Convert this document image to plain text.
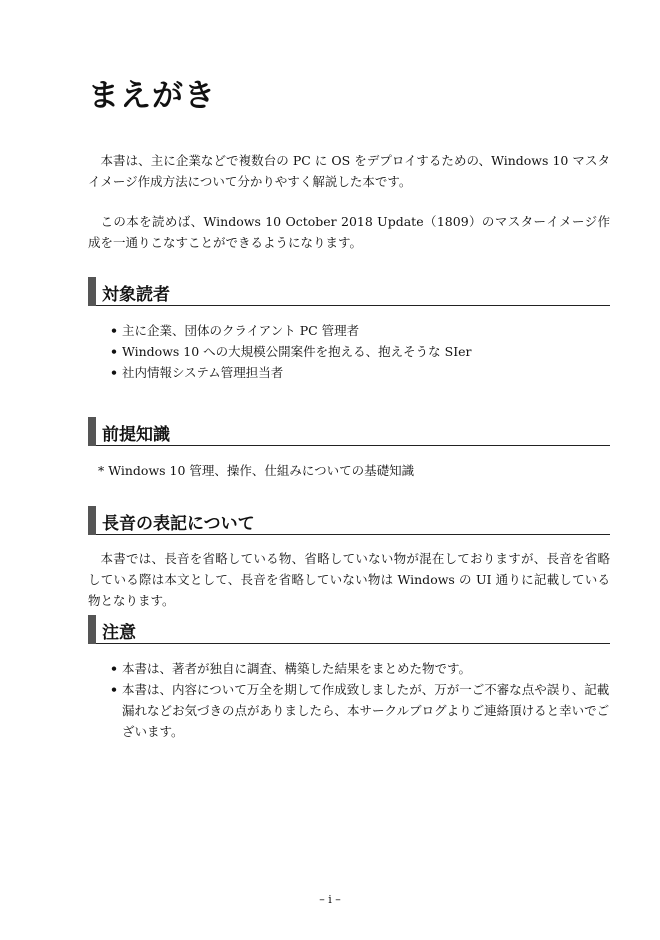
まえがき

本書は、主に企業などで複数台の PC に OS をデプロイするための、Windows 10 マスタイメージ作成方法について分かりやすく解説した本です。

この本を読めば、Windows 10 October 2018 Update（1809）のマスターイメージ作成を一通りこなすことができるようになります。

対象読者
• 主に企業、団体のクライアント PC 管理者
• Windows 10 への大規模公開案件を抱える、抱えそうな SIer
• 社内情報システム管理担当者
前提知識
* Windows 10 管理、操作、仕組みについての基礎知識
長音の表記について

本書では、長音を省略している物、省略していない物が混在しておりますが、長音を省略している際は本文として、長音を省略していない物は Windows の UI 通りに記載している物となります。

注意
• 本書は、著者が独自に調査、構築した結果をまとめた物です。
• 本書は、内容について万全を期して作成致しましたが、万が一ご不審な点や誤り、記載漏れなどお気づきの点がありましたら、本サークルブログよりご連絡頂けると幸いでございます。
– i –
